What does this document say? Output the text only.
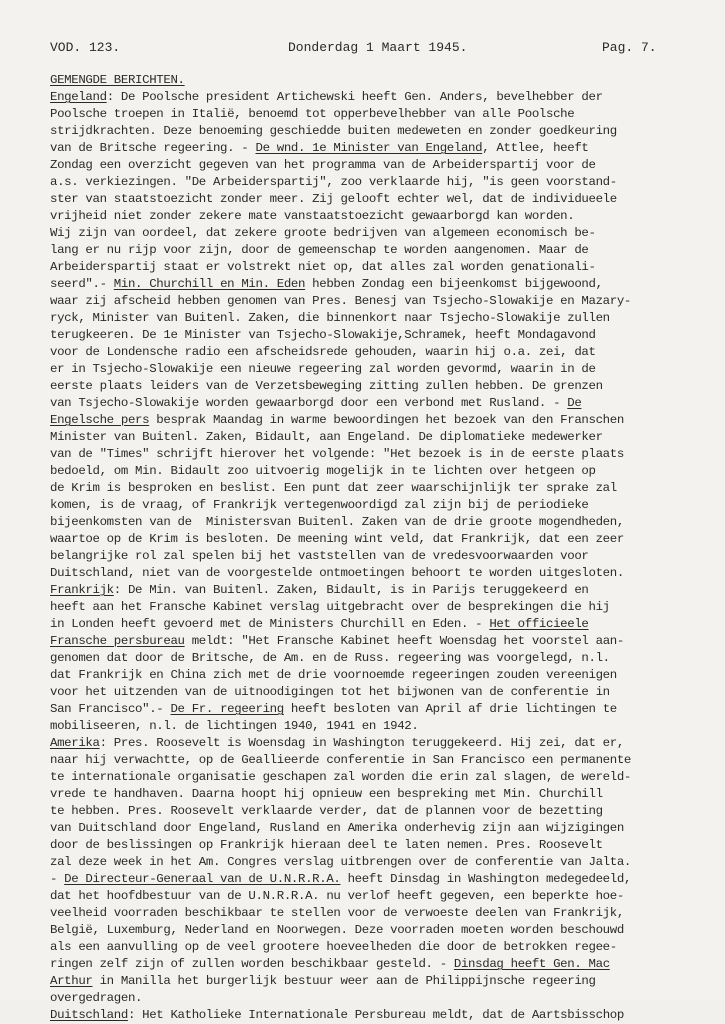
VOD. 123.	Donderdag 1 Maart 1945.	Pag. 7.
GEMENGDE BERICHTEN.
Engeland: De Poolsche president Artichewski heeft Gen. Anders, bevelhebber der
Poolsche troepen in Italië, benoemd tot opperbevelhebber van alle Poolsche
strijdkrachten. Deze benoeming geschiedde buiten medeweten en zonder goedkeuring
van de Britsche regeering. - De wnd. 1e Minister van Engeland, Attlee, heeft
Zondag een overzicht gegeven van het programma van de Arbeiderspartij voor de
a.s. verkiezingen. "De Arbeiderspartij", zoo verklaarde hij, "is geen voorstand-
ster van staatstoezicht zonder meer. Zij gelooft echter wel, dat de individueele
vrijheid niet zonder zekere mate vanstaatstoezicht gewaarborgd kan worden.
Wij zijn van oordeel, dat zekere groote bedrijven van algemeen economisch be-
lang er nu rijp voor zijn, door de gemeenschap te worden aangenomen. Maar de
Arbeiderspartij staat er volstrekt niet op, dat alles zal worden genationali-
seerd".- Min. Churchill en Min. Eden hebben Zondag een bijeenkomst bijgewoond,
waar zij afscheid hebben genomen van Pres. Benesj van Tsjecho-Slowakije en Mazary-
ryck, Minister van Buitenl. Zaken, die binnenkort naar Tsjecho-Slowakije zullen
terugkeeren. De 1e Minister van Tsjecho-Slowakije,Schramek, heeft Mondagavond
voor de Londensche radio een afscheidsrede gehouden, waarin hij o.a. zei, dat
er in Tsjecho-Slowakije een nieuwe regeering zal worden gevormd, waarin in de
eerste plaats leiders van de Verzetsbeweging zitting zullen hebben. De grenzen
van Tsjecho-Slowakije worden gewaarborgd door een verbond met Rusland. - De
Engelsche pers besprak Maandag in warme bewoordingen het bezoek van den Franschen
Minister van Buitenl. Zaken, Bidault, aan Engeland. De diplomatieke medewerker
van de "Times" schrijft hierover het volgende: "Het bezoek is in de eerste plaats
bedoeld, om Min. Bidault zoo uitvoerig mogelijk in te lichten over hetgeen op
de Krim is besproken en beslist. Een punt dat zeer waarschijnlijk ter sprake zal
komen, is de vraag, of Frankrijk vertegenwoordigd zal zijn bij de periodieke
bijeenkomsten van de  Ministersvan Buitenl. Zaken van de drie groote mogendheden,
waartoe op de Krim is besloten. De meening wint veld, dat Frankrijk, dat een zeer
belangrijke rol zal spelen bij het vaststellen van de vredesvoorwaarden voor
Duitschland, niet van de voorgestelde ontmoetingen behoort te worden uitgesloten.
Frankrijk: De Min. van Buitenl. Zaken, Bidault, is in Parijs teruggekeerd en
heeft aan het Fransche Kabinet verslag uitgebracht over de besprekingen die hij
in Londen heeft gevoerd met de Ministers Churchill en Eden. - Het officieele
Fransche persbureau meldt: "Het Fransche Kabinet heeft Woensdag het voorstel aan-
genomen dat door de Britsche, de Am. en de Russ. regeering was voorgelegd, n.l.
dat Frankrijk en China zich met de drie voornoemde regeeringen zouden vereenigen
voor het uitzenden van de uitnoodigingen tot het bijwonen van de conferentie in
San Francisco".- De Fr. regeering heeft besloten van April af drie lichtingen te
mobiliseeren, n.l. de lichtingen 1940, 1941 en 1942.
Amerika: Pres. Roosevelt is Woensdag in Washington teruggekeerd. Hij zei, dat er,
naar hij verwachtte, op de Geallieerde conferentie in San Francisco een permanente
te internationale organisatie geschapen zal worden die erin zal slagen, de wereld-
vrede te handhaven. Daarna hoopt hij opnieuw een bespreking met Min. Churchill
te hebben. Pres. Roosevelt verklaarde verder, dat de plannen voor de bezetting
van Duitschland door Engeland, Rusland en Amerika onderhevig zijn aan wijzigingen
door de beslissingen op Frankrijk hieraan deel te laten nemen. Pres. Roosevelt
zal deze week in het Am. Congres verslag uitbrengen over de conferentie van Jalta.
- De Directeur-Generaal van de U.N.R.R.A. heeft Dinsdag in Washington medegedeeld,
dat het hoofdbestuur van de U.N.R.R.A. nu verlof heeft gegeven, een beperkte hoe-
veelheid voorraden beschikbaar te stellen voor de verwoeste deelen van Frankrijk,
België, Luxemburg, Nederland en Noorwegen. Deze voorraden moeten worden beschouwd
als een aanvulling op de veel grootere hoeveelheden die door de betrokken regee-
ringen zelf zijn of zullen worden beschikbaar gesteld. - Dinsdag heeft Gen. Mac
Arthur in Manilla het burgerlijk bestuur weer aan de Philippijnsche regeering
overgedragen.
Duitschland: Het Katholieke Internationale Persbureau meldt, dat de Aartsbisschop
